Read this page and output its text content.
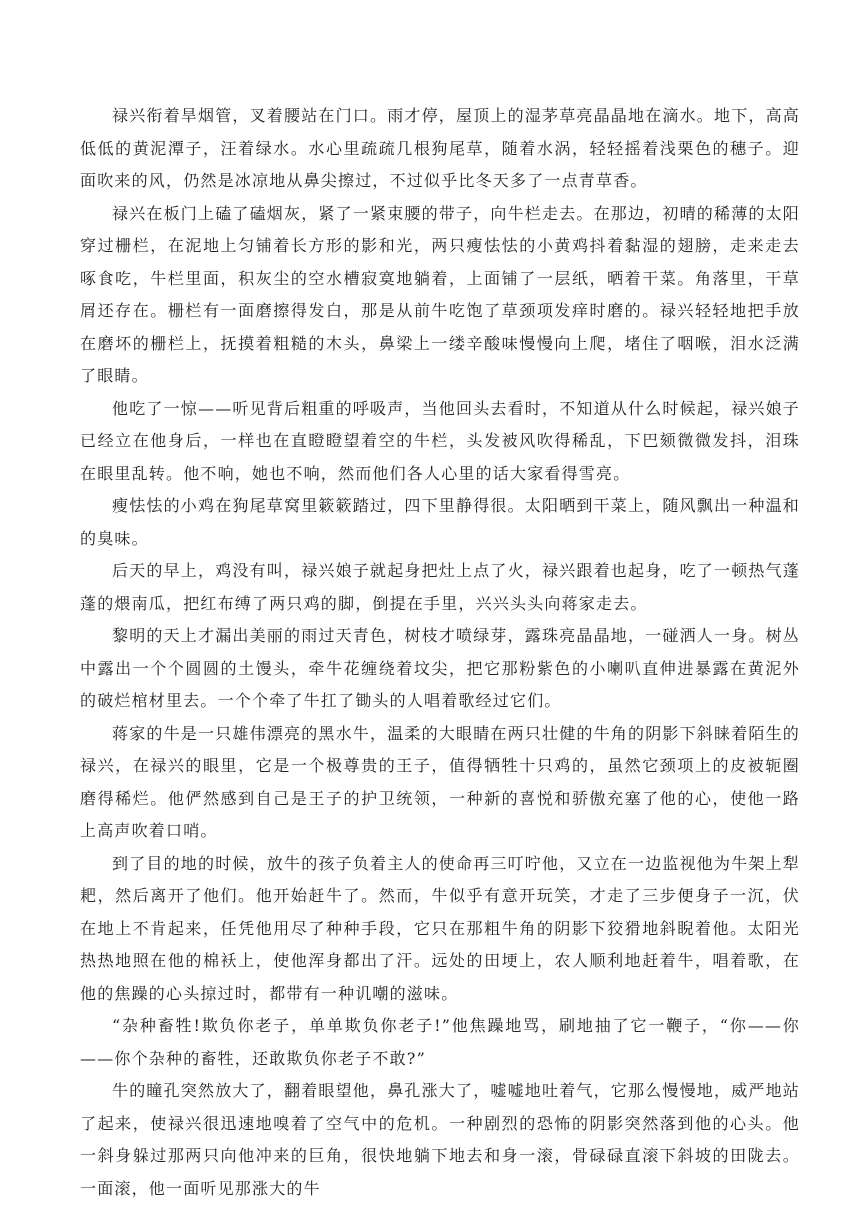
禄兴衔着旱烟管，叉着腰站在门口。雨才停，屋顶上的湿茅草亮晶晶地在滴水。地下，高高低低的黄泥潭子，汪着绿水。水心里疏疏几根狗尾草，随着水涡，轻轻摇着浅栗色的穗子。迎面吹来的风，仍然是冰凉地从鼻尖擦过，不过似乎比冬天多了一点青草香。

禄兴在板门上磕了磕烟灰，紧了一紧束腰的带子，向牛栏走去。在那边，初晴的稀薄的太阳穿过栅栏，在泥地上匀铺着长方形的影和光，两只瘦怯怯的小黄鸡抖着黏湿的翅膀，走来走去啄食吃，牛栏里面，积灰尘的空水槽寂寞地躺着，上面铺了一层纸，晒着干菜。角落里，干草屑还存在。栅栏有一面磨擦得发白，那是从前牛吃饱了草颈项发痒时磨的。禄兴轻轻地把手放在磨坏的栅栏上，抚摸着粗糙的木头，鼻梁上一缕辛酸味慢慢向上爬，堵住了咽喉，泪水泛满了眼睛。

他吃了一惊——听见背后粗重的呼吸声，当他回头去看时，不知道从什么时候起，禄兴娘子已经立在他身后，一样也在直瞪瞪望着空的牛栏，头发被风吹得稀乱，下巴颏微微发抖，泪珠在眼里乱转。他不响，她也不响，然而他们各人心里的话大家看得雪亮。

瘦怯怯的小鸡在狗尾草窝里簌簌踏过，四下里静得很。太阳晒到干菜上，随风飘出一种温和的臭味。

后天的早上，鸡没有叫，禄兴娘子就起身把灶上点了火，禄兴跟着也起身，吃了一顿热气蓬蓬的煨南瓜，把红布缚了两只鸡的脚，倒提在手里，兴兴头头向蒋家走去。

黎明的天上才漏出美丽的雨过天青色，树枝才喷绿芽，露珠亮晶晶地，一碰洒人一身。树丛中露出一个个圆圆的土馒头，牵牛花缠绕着坟尖，把它那粉紫色的小喇叭直伸进暴露在黄泥外的破烂棺材里去。一个个牵了牛扛了锄头的人唱着歌经过它们。

蒋家的牛是一只雄伟漂亮的黑水牛，温柔的大眼睛在两只壮健的牛角的阴影下斜睐着陌生的禄兴，在禄兴的眼里，它是一个极尊贵的王子，值得牺牲十只鸡的，虽然它颈项上的皮被轭圈磨得稀烂。他俨然感到自己是王子的护卫统领，一种新的喜悦和骄傲充塞了他的心，使他一路上高声吹着口哨。

到了目的地的时候，放牛的孩子负着主人的使命再三叮咛他，又立在一边监视他为牛架上犁耙，然后离开了他们。他开始赶牛了。然而，牛似乎有意开玩笑，才走了三步便身子一沉，伏在地上不肯起来，任凭他用尽了种种手段，它只在那粗牛角的阴影下狡猾地斜睨着他。太阳光热热地照在他的棉袄上，使他浑身都出了汗。远处的田埂上，农人顺利地赶着牛，唱着歌，在他的焦躁的心头掠过时，都带有一种讥嘲的滋味。

“杂种畜牲!欺负你老子，单单欺负你老子!”他焦躁地骂，刷地抽了它一鞭子，“你——你——你个杂种的畜牲，还敢欺负你老子不敢?”

牛的瞳孔突然放大了，翻着眼望他，鼻孔涨大了，嘘嘘地吐着气，它那么慢慢地，威严地站了起来，使禄兴很迅速地嗅着了空气中的危机。一种剧烈的恐怖的阴影突然落到他的心头。他一斜身躲过那两只向他冲来的巨角，很快地躺下地去和身一滚，骨碌碌直滚下斜坡的田陇去。一面滚，他一面听见那涨大的牛
